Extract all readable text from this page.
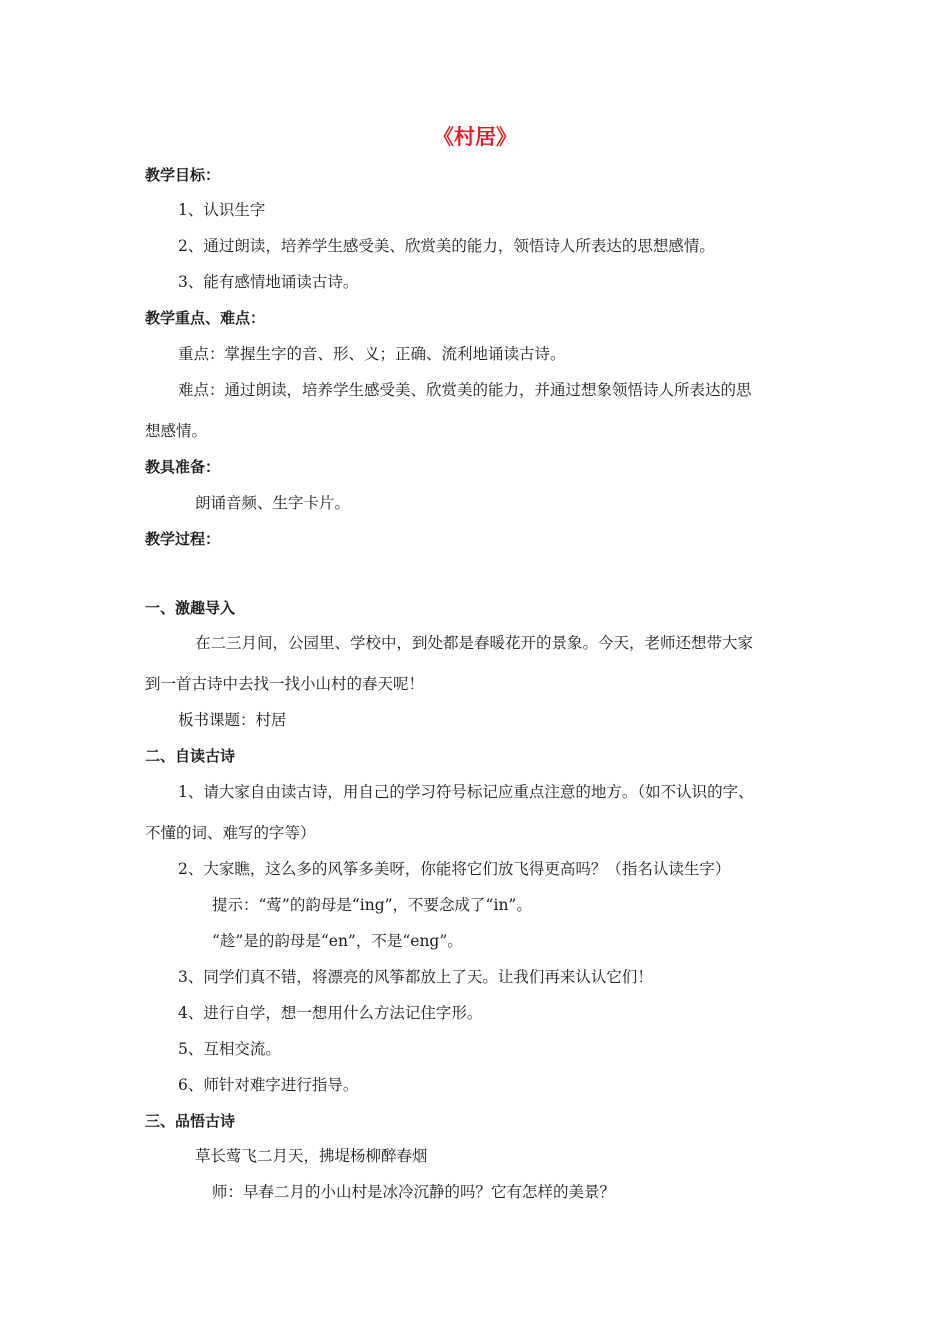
《村居》
教学目标：
1、认识生字
2、通过朗读，培养学生感受美、欣赏美的能力，领悟诗人所表达的思想感情。
3、能有感情地诵读古诗。
教学重点、难点：
重点：掌握生字的音、形、义；正确、流利地诵读古诗。
难点：通过朗读，培养学生感受美、欣赏美的能力，并通过想象领悟诗人所表达的思
想感情。
教具准备：
朗诵音频、生字卡片。
教学过程：
一、激趣导入
在二三月间，公园里、学校中，到处都是春暖花开的景象。今天，老师还想带大家
到一首古诗中去找一找小山村的春天呢！
板书课题：村居
二、自读古诗
1、请大家自由读古诗，用自己的学习符号标记应重点注意的地方。（如不认识的字、
不懂的词、难写的字等）
2、大家瞧，这么多的风筝多美呀，你能将它们放飞得更高吗？（指名认读生字）
提示：“莺”的韵母是“ing”，不要念成了“in”。
“趁”是的韵母是“en”，不是“eng”。
3、同学们真不错，将漂亮的风筝都放上了天。让我们再来认认它们！
4、进行自学，想一想用什么方法记住字形。
5、互相交流。
6、师针对难字进行指导。
三、品悟古诗
草长莺飞二月天，拂堤杨柳醉春烟
师：早春二月的小山村是冰冷沉静的吗？它有怎样的美景？
